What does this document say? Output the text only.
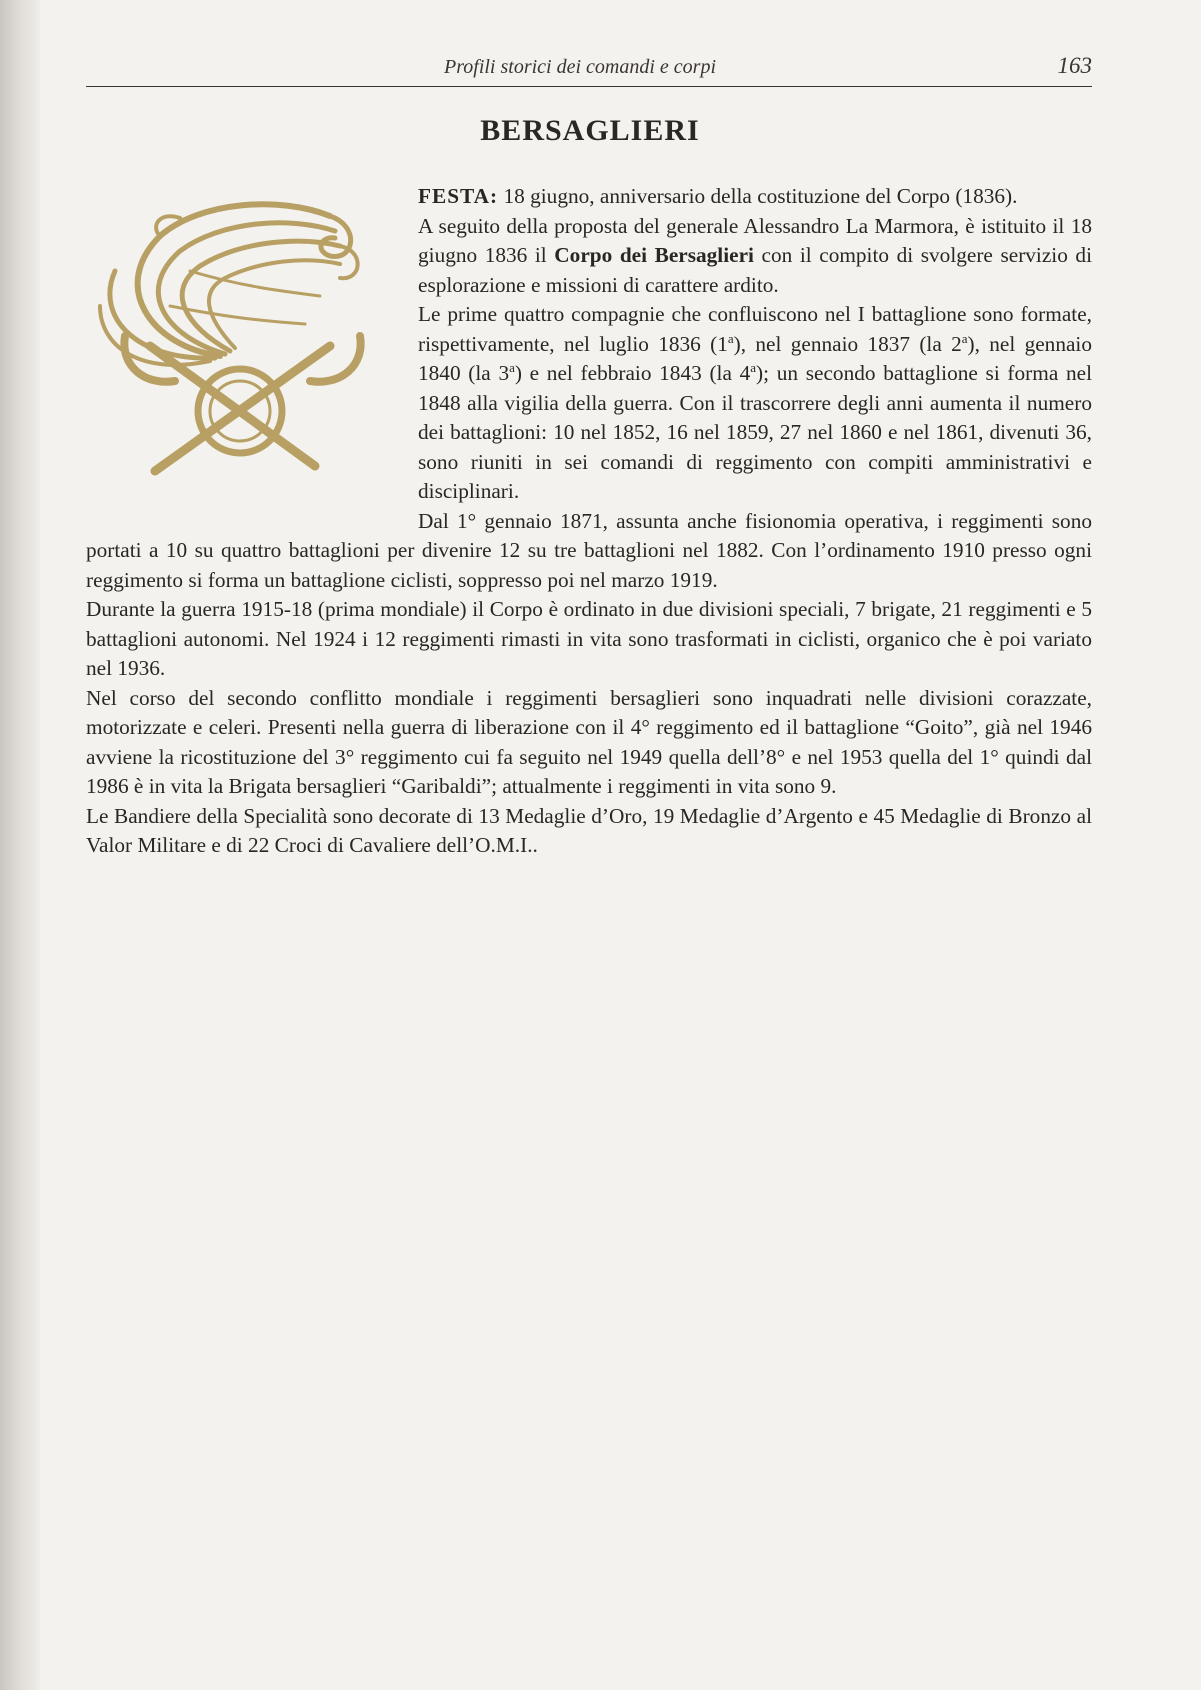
Profili storici dei comandi e corpi	163
BERSAGLIERI

FESTA: 18 giugno, anniversario della costituzione del Corpo (1836).

A seguito della proposta del generale Alessandro La Marmora, è istituito il 18 giugno 1836 il Corpo dei Bersaglieri con il compito di svolgere servizio di esplorazione e missioni di carattere ardito.

Le prime quattro compagnie che confluiscono nel I battaglione sono formate, rispettivamente, nel luglio 1836 (1$^a$), nel gennaio 1837 (la 2$^a$), nel gennaio 1840 (la 3$^a$) e nel febbraio 1843 (la 4$^a$); un secondo battaglione si forma nel 1848 alla vigilia della guerra. Con il trascorrere degli anni aumenta il numero dei battaglioni: 10 nel 1852, 16 nel 1859, 27 nel 1860 e nel 1861, divenuti 36, sono riuniti in sei comandi di reggimento con compiti amministrativi e disciplinari.

Dal 1° gennaio 1871, assunta anche fisionomia operativa, i reggimenti sono portati a 10 su quattro battaglioni per divenire 12 su tre battaglioni nel 1882. Con l’ordinamento 1910 presso ogni reggimento si forma un battaglione ciclisti, soppresso poi nel marzo 1919.

Durante la guerra 1915-18 (prima mondiale) il Corpo è ordinato in due divisioni speciali, 7 brigate, 21 reggimenti e 5 battaglioni autonomi. Nel 1924 i 12 reggimenti rimasti in vita sono trasformati in ciclisti, organico che è poi variato nel 1936.

Nel corso del secondo conflitto mondiale i reggimenti bersaglieri sono inquadrati nelle divisioni corazzate, motorizzate e celeri. Presenti nella guerra di liberazione con il 4° reggimento ed il battaglione “Goito”, già nel 1946 avviene la ricostituzione del 3° reggimento cui fa seguito nel 1949 quella dell’8° e nel 1953 quella del 1° quindi dal 1986 è in vita la Brigata bersaglieri “Garibaldi”; attualmente i reggimenti in vita sono 9.

Le Bandiere della Specialità sono decorate di 13 Medaglie d’Oro, 19 Medaglie d’Argento e 45 Medaglie di Bronzo al Valor Militare e di 22 Croci di Cavaliere dell’O.M.I..
